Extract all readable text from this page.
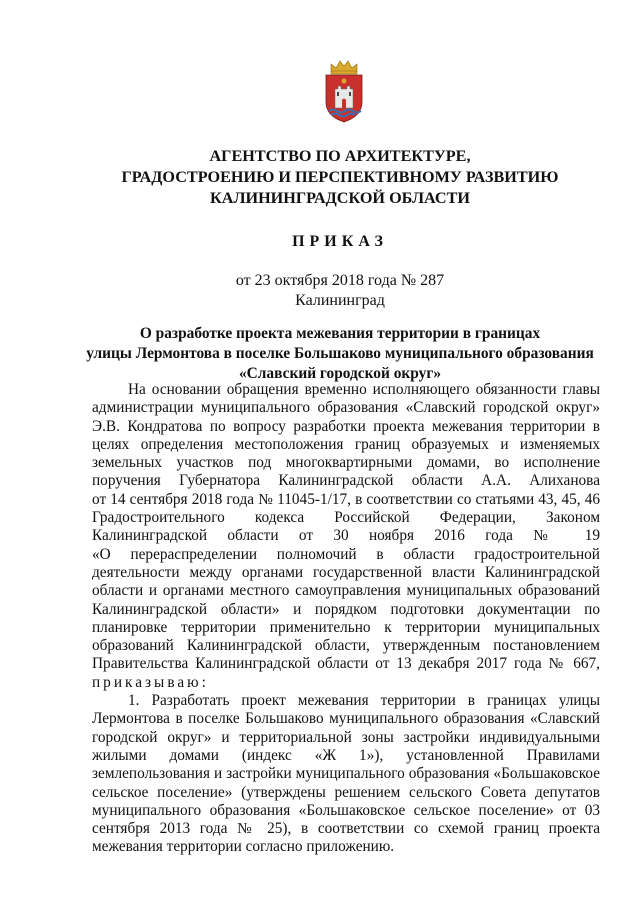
АГЕНТСТВО ПО АРХИТЕКТУРЕ,
ГРАДОСТРОЕНИЮ И ПЕРСПЕКТИВНОМУ РАЗВИТИЮ
КАЛИНИНГРАДСКОЙ ОБЛАСТИ
ПРИКАЗ
от 23 октября 2018 года № 287
Калининград
О разработке проекта межевания территории в границах
улицы Лермонтова в поселке Большаково муниципального образования
«Славский городской округ»
На основании обращения временно исполняющего обязанности главы
администрации муниципального образования «Славский городской округ»
Э.В. Кондратова по вопросу разработки проекта межевания территории в
целях определения местоположения границ образуемых и изменяемых
земельных участков под многоквартирными домами, во исполнение
поручения Губернатора Калининградской области А.А. Алиханова
от 14 сентября 2018 года № 11045-1/17, в соответствии со статьями 43, 45, 46
Градостроительного кодекса Российской Федерации, Законом
Калининградской области от 30 ноября 2016 года № 19
«О перераспределении полномочий в области градостроительной
деятельности между органами государственной власти Калининградской
области и органами местного самоуправления муниципальных образований
Калининградской области» и порядком подготовки документации по
планировке территории применительно к территории муниципальных
образований Калининградской области, утвержденным постановлением
Правительства Калининградской области от 13 декабря 2017 года № 667,
приказываю:
1. Разработать проект межевания территории в границах улицы
Лермонтова в поселке Большаково муниципального образования «Славский
городской округ» и территориальной зоны застройки индивидуальными
жилыми домами (индекс «Ж 1»), установленной Правилами
землепользования и застройки муниципального образования «Большаковское
сельское поселение» (утверждены решением сельского Совета депутатов
муниципального образования «Большаковское сельское поселение» от 03
сентября 2013 года № 25), в соответствии со схемой границ проекта
межевания территории согласно приложению.
